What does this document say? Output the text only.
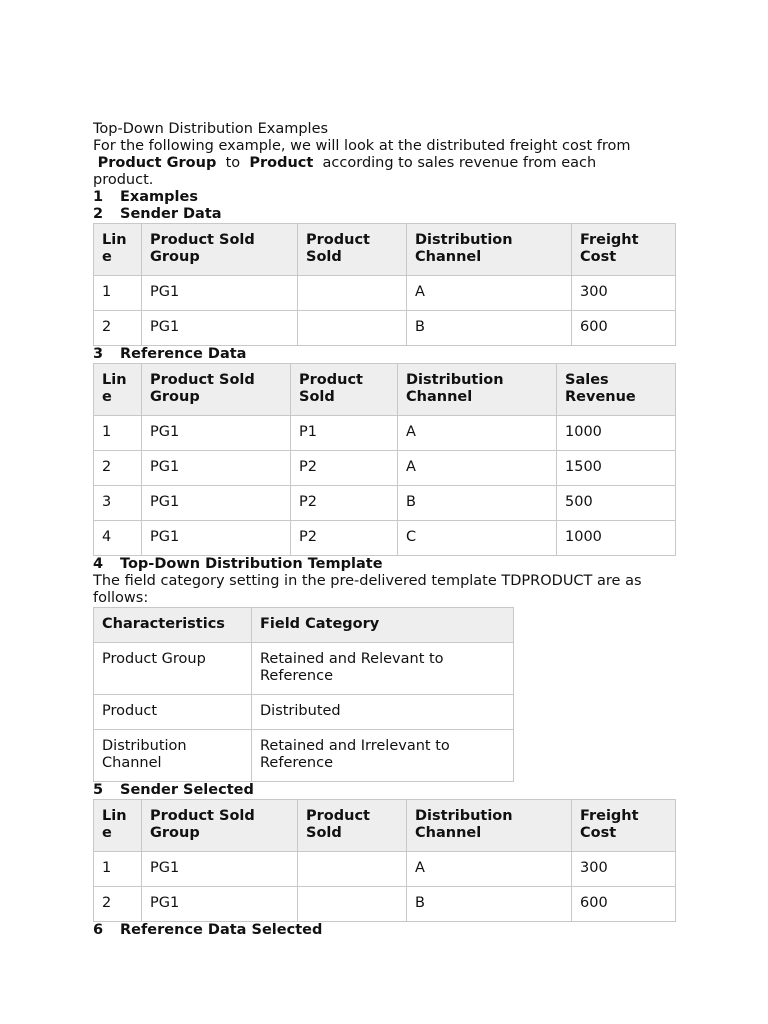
Top-Down Distribution Examples

For the following example, we will look at the distributed freight cost from
Product Group to Product according to sales revenue from each
product.

1 Examples

2 Sender Data

Lin e	Product Sold Group	Product Sold	Distribution Channel	Freight Cost
1	PG1		A	300
2	PG1		B	600

3 Reference Data

Lin e	Product Sold Group	Product Sold	Distribution Channel	Sales Revenue
1	PG1	P1	A	1000
2	PG1	P2	A	1500
3	PG1	P2	B	500
4	PG1	P2	C	1000

4 Top-Down Distribution Template

The field category setting in the pre-delivered template TDPRODUCT are as follows:

Characteristics	Field Category
Product Group	Retained and Relevant to Reference
Product	Distributed
Distribution Channel	Retained and Irrelevant to Reference

5 Sender Selected

Lin e	Product Sold Group	Product Sold	Distribution Channel	Freight Cost
1	PG1		A	300
2	PG1		B	600

6 Reference Data Selected
